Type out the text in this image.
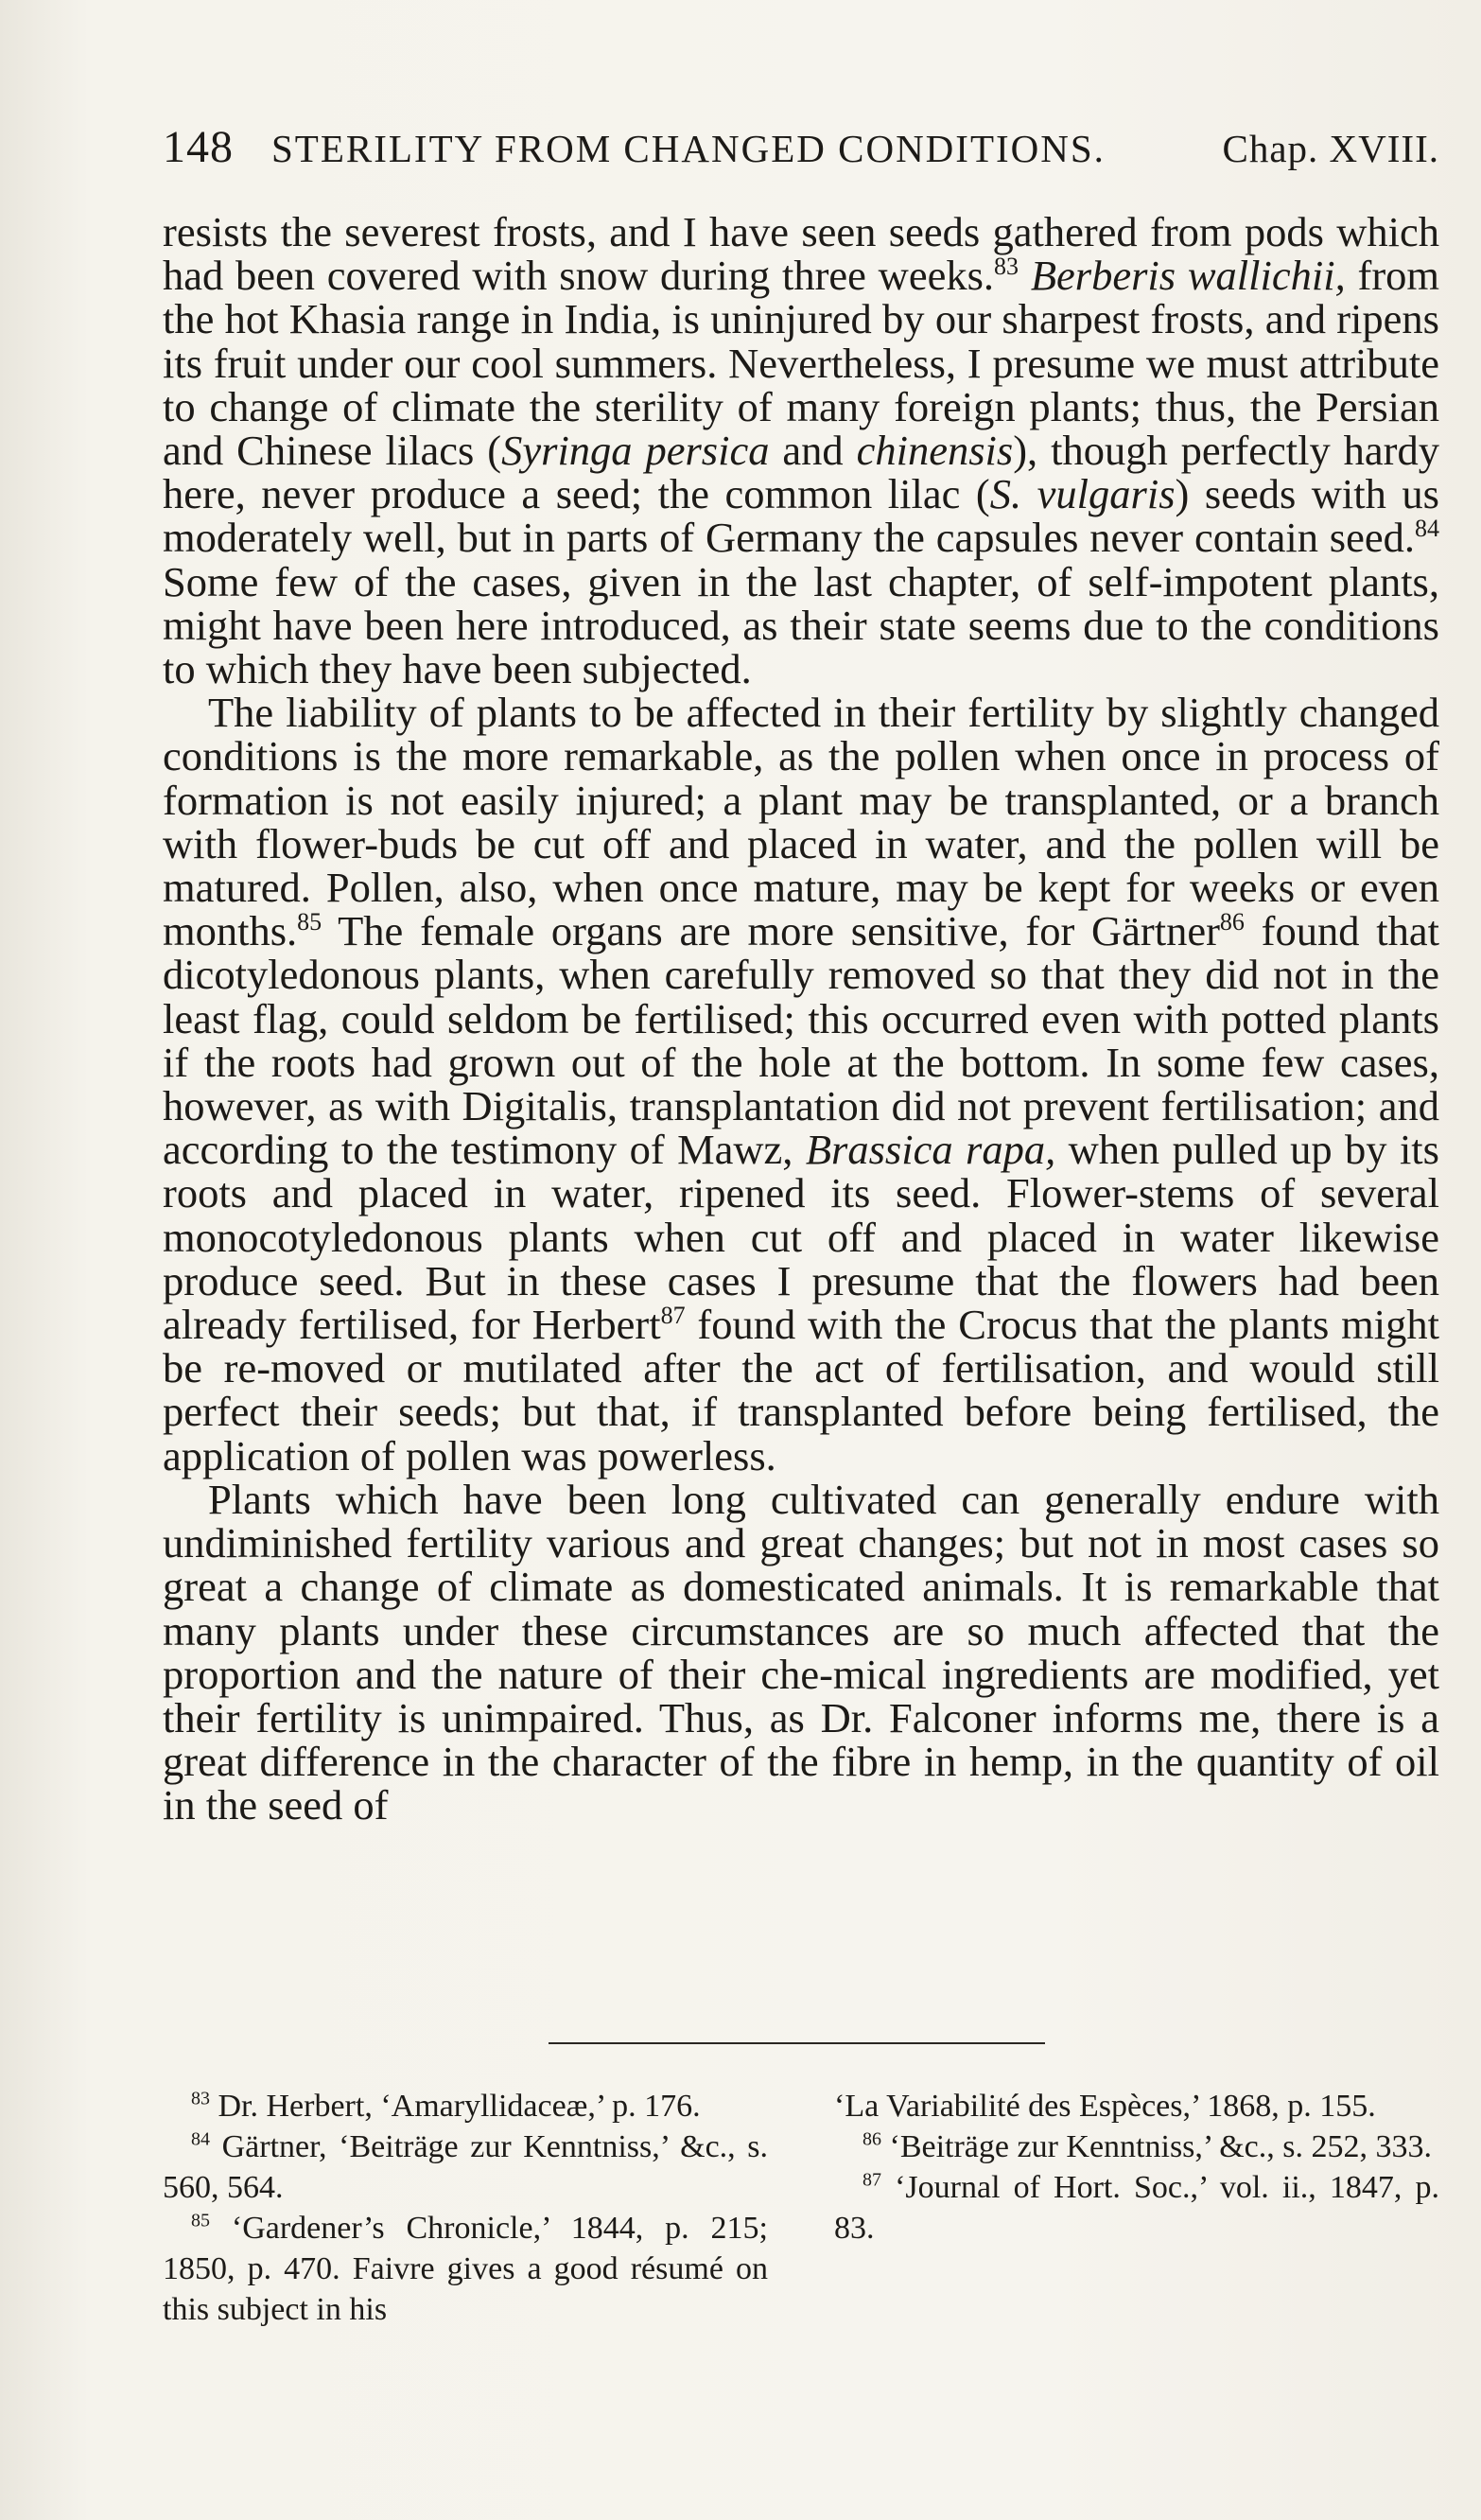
148 STERILITY FROM CHANGED CONDITIONS.	Chap. XVIII.

resists the severest frosts, and I have seen seeds gathered from pods which had been covered with snow during three weeks.$^{83}$ Berberis wallichii, from the hot Khasia range in India, is uninjured by our sharpest frosts, and ripens its fruit under our cool summers. Nevertheless, I presume we must attribute to change of climate the sterility of many foreign plants; thus, the Persian and Chinese lilacs (Syringa persica and chinensis), though perfectly hardy here, never produce a seed; the common lilac (S. vulgaris) seeds with us moderately well, but in parts of Germany the capsules never contain seed.$^{84}$ Some few of the cases, given in the last chapter, of self-impotent plants, might have been here introduced, as their state seems due to the conditions to which they have been subjected.

The liability of plants to be affected in their fertility by slightly changed conditions is the more remarkable, as the pollen when once in process of formation is not easily injured; a plant may be transplanted, or a branch with flower-buds be cut off and placed in water, and the pollen will be matured. Pollen, also, when once mature, may be kept for weeks or even months.$^{85}$ The female organs are more sensitive, for Gärtner$^{86}$ found that dicotyledonous plants, when carefully removed so that they did not in the least flag, could seldom be fertilised; this occurred even with potted plants if the roots had grown out of the hole at the bottom. In some few cases, however, as with Digitalis, transplantation did not prevent fertilisation; and according to the testimony of Mawz, Brassica rapa, when pulled up by its roots and placed in water, ripened its seed. Flower-stems of several monocotyledonous plants when cut off and placed in water likewise produce seed. But in these cases I presume that the flowers had been already fertilised, for Herbert$^{87}$ found with the Crocus that the plants might be re-moved or mutilated after the act of fertilisation, and would still perfect their seeds; but that, if transplanted before being fertilised, the application of pollen was powerless.

Plants which have been long cultivated can generally endure with undiminished fertility various and great changes; but not in most cases so great a change of climate as domesticated animals. It is remarkable that many plants under these circumstances are so much affected that the proportion and the nature of their che-mical ingredients are modified, yet their fertility is unimpaired. Thus, as Dr. Falconer informs me, there is a great difference in the character of the fibre in hemp, in the quantity of oil in the seed of

$^{83}$ Dr. Herbert, ‘Amaryllidaceæ,’ p. 176.

$^{84}$ Gärtner, ‘Beiträge zur Kenntniss,’ &c., s. 560, 564.

$^{85}$ ‘Gardener’s Chronicle,’ 1844, p. 215; 1850, p. 470. Faivre gives a good résumé on this subject in his

‘La Variabilité des Espèces,’ 1868, p. 155.

$^{86}$ ‘Beiträge zur Kenntniss,’ &c., s. 252, 333.

$^{87}$ ‘Journal of Hort. Soc.,’ vol. ii., 1847, p. 83.
